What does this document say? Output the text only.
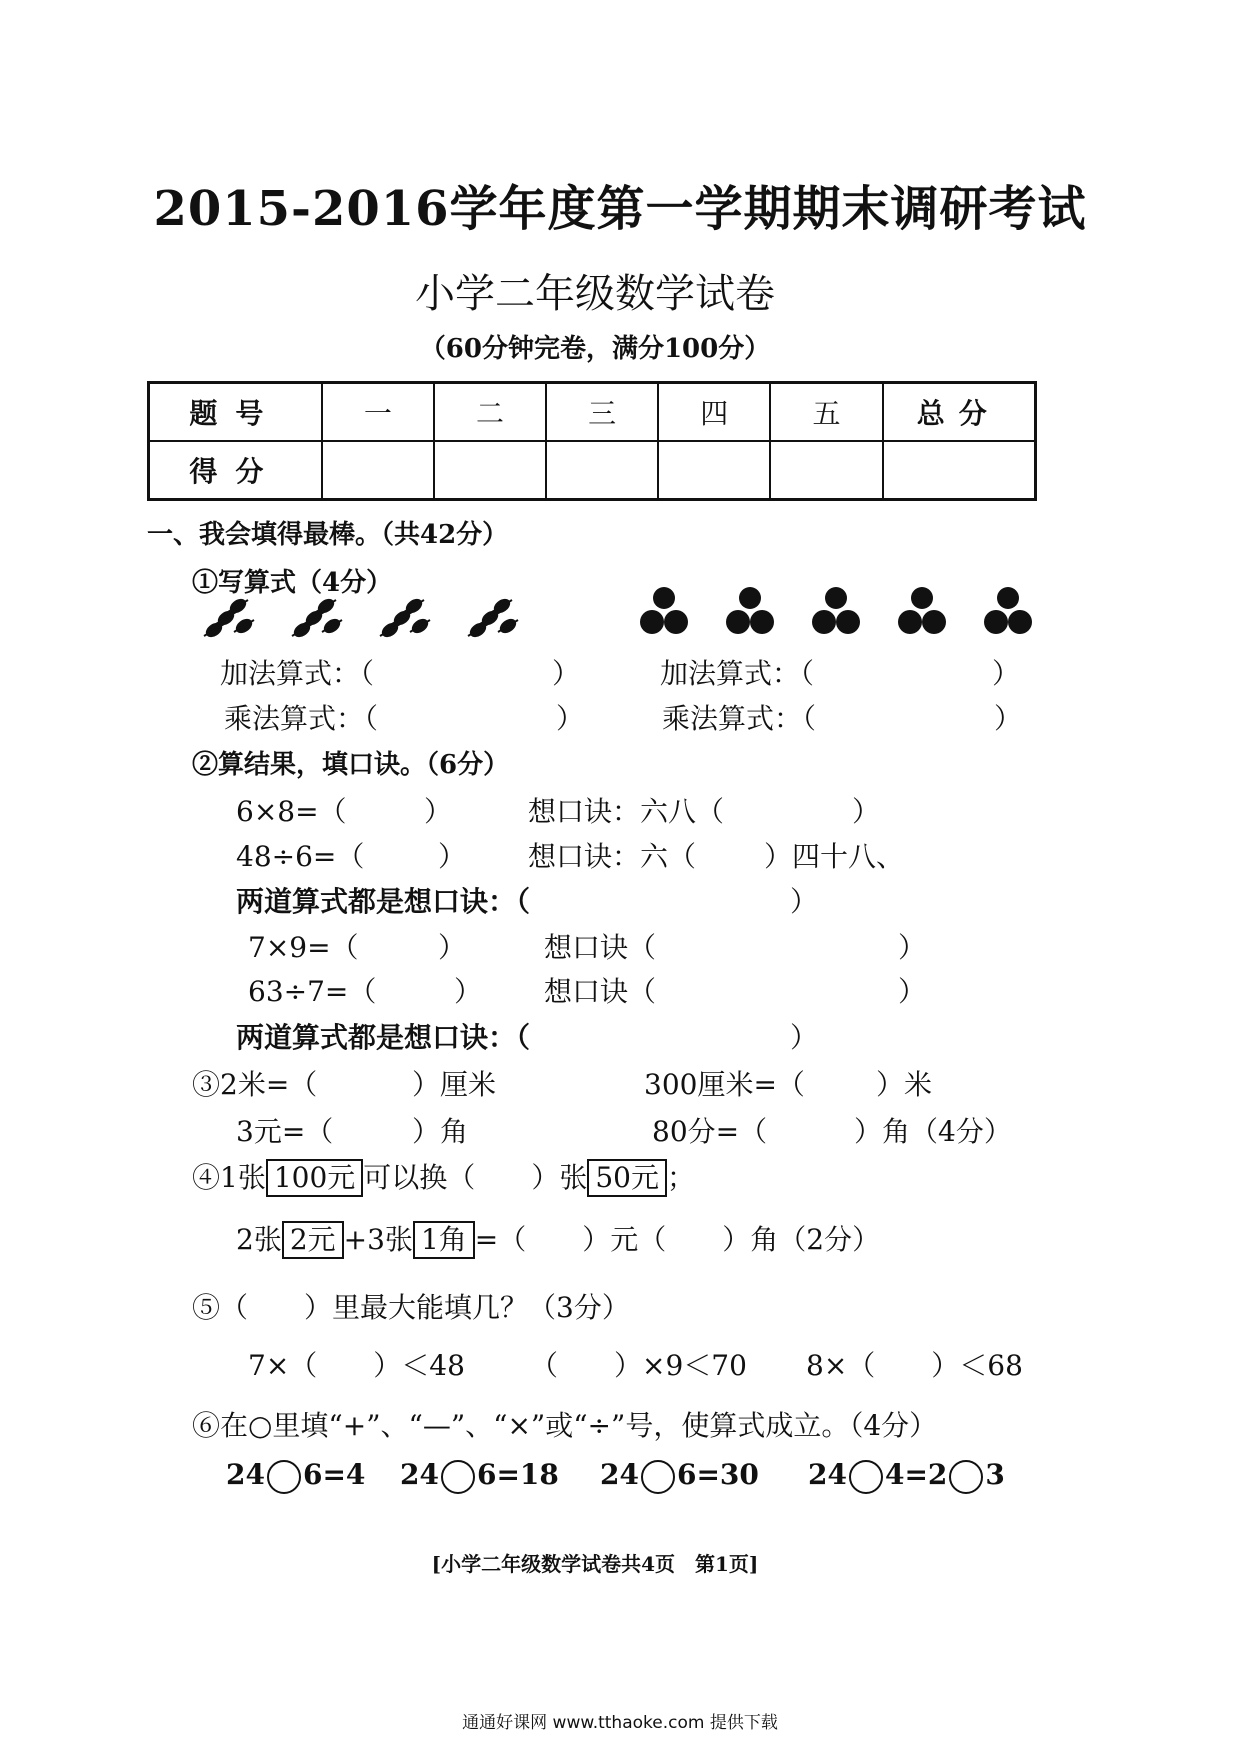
2015-2016学年度第一学期期末调研考试
小学二年级数学试卷
（60分钟完卷，满分100分）
题号	一	二	三	四	五	总分
得分						
一、我会填得最棒。（共42分）
①写算式（4分）
加法算式：（	）	加法算式：（	）
乘法算式：（	）	乘法算式：（	）
②算结果，填口诀。（6分）
6×8=（	）	想口诀：六八（	）
48÷6=（	） 想口诀：六（ ）四十八、
两道算式都是想口诀：（	）
7×9=（	）	想口诀（	）
63÷7=（	） 想口诀（	）
两道算式都是想口诀：（	）
③2米=（	）厘米	300厘米=（	）米
3元=（	）角	80分=（	）角（4分）
④1张 100元 可以换（　　 ）张 50元 ；
2张 2元 +3张 1角 =（　　 ）元（　　 ）角（2分）
⑤（　　）里最大能填几？（3分）
7×（　　）＜48 （　　）×9＜70 8×（　　）＜68
⑥在○里填“+”、“—”、“×”或“÷”号，使算式成立。（4分）
24 6=4 24 6=18 24 6=30 24 4=2 3
[小学二年级数学试卷共4页　第1页]
通通好课网 www.tthaoke.com 提供下载
